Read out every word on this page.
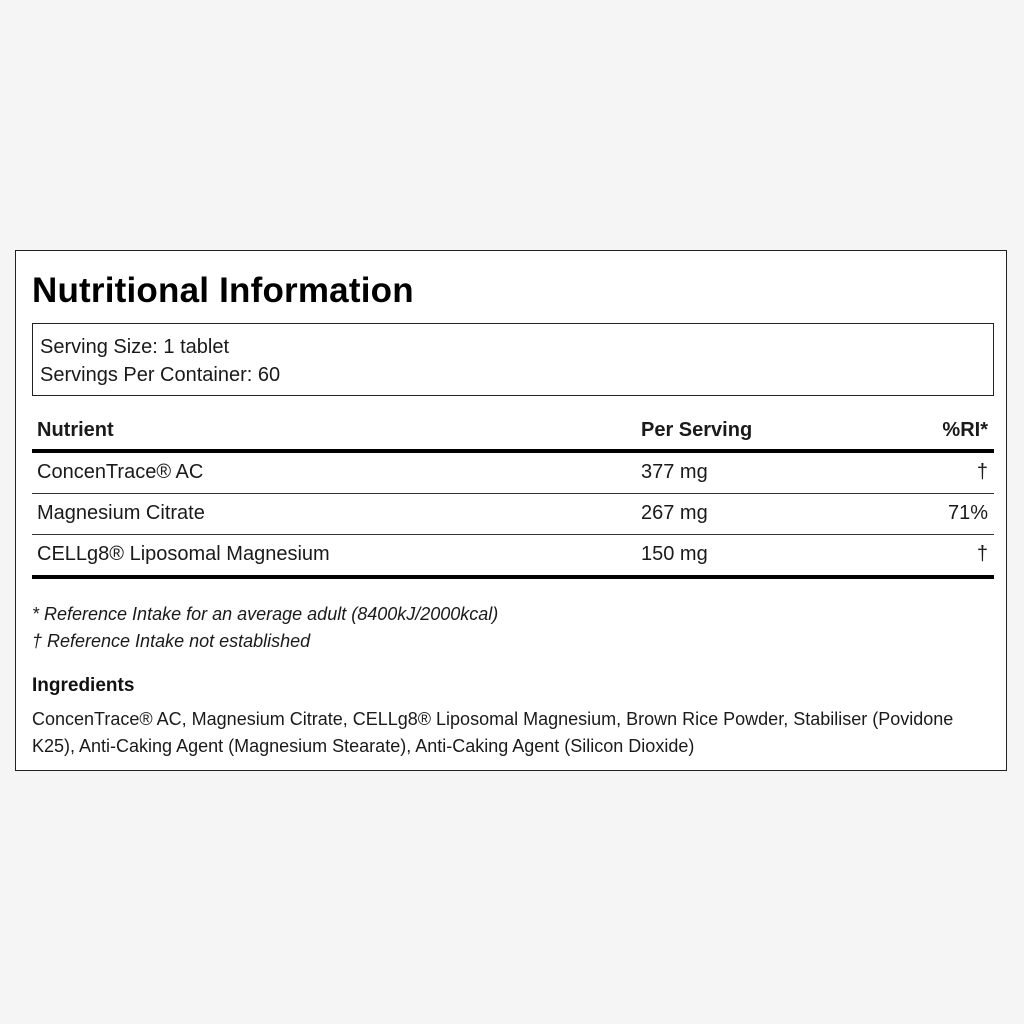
Nutritional Information
Serving Size: 1 tablet
Servings Per Container: 60
Nutrient	Per Serving	%RI*
ConcenTrace® AC	377 mg	†
Magnesium Citrate	267 mg	71%
CELLg8® Liposomal Magnesium	150 mg	†
* Reference Intake for an average adult (8400kJ/2000kcal)
† Reference Intake not established
Ingredients
ConcenTrace® AC, Magnesium Citrate, CELLg8® Liposomal Magnesium, Brown Rice Powder, Stabiliser (Povidone K25), Anti-Caking Agent (Magnesium Stearate), Anti-Caking Agent (Silicon Dioxide)
